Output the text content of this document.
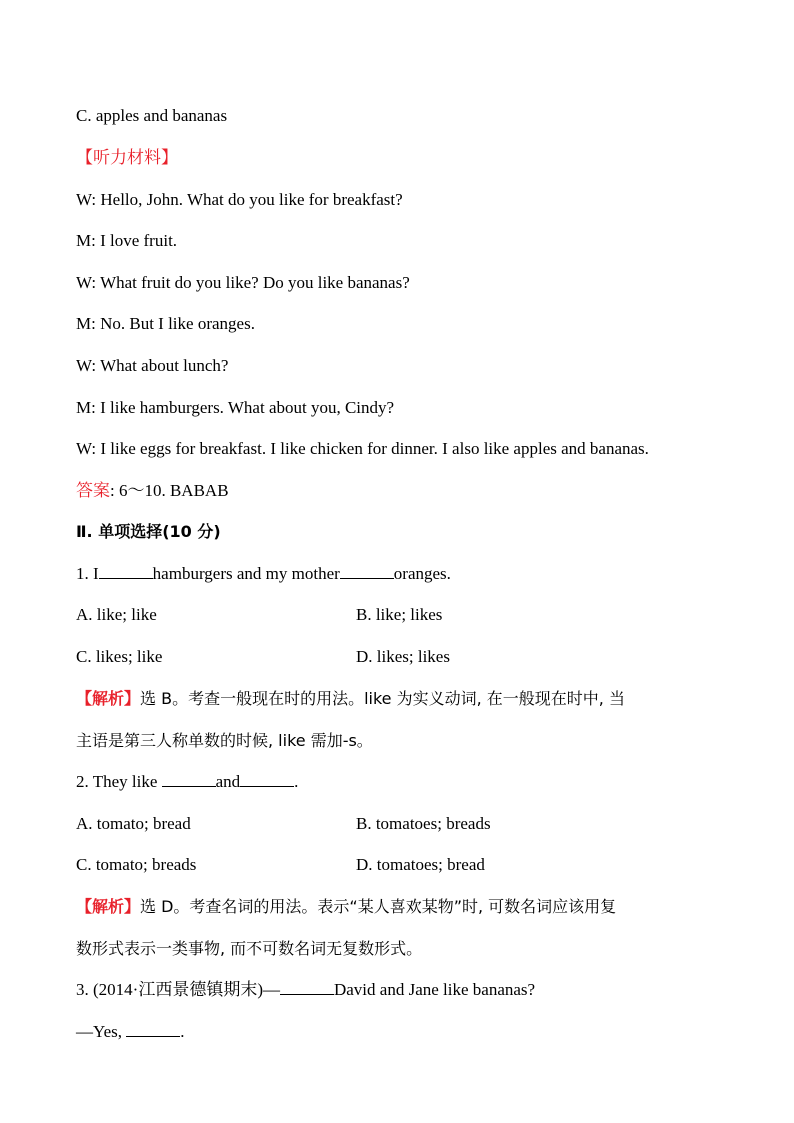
C. apples and bananas
【听力材料】
W: Hello, John. What do you like for breakfast?
M: I love fruit.
W: What fruit do you like? Do you like bananas?
M: No. But I like oranges.
W: What about lunch?
M: I like hamburgers. What about you, Cindy?
W: I like eggs for breakfast. I like chicken for dinner. I also like apples and bananas.
答案: 6～10. BABAB
Ⅱ. 单项选择(10 分)
1. I	hamburgers and my mother	oranges.
A. like; like	B. like; likes
C. likes; like	D. likes; likes
【解析】选 B。考查一般现在时的用法。like 为实义动词, 在一般现在时中, 当
主语是第三人称单数的时候, like 需加-s。
2. They like	and	.
A. tomato; bread	B. tomatoes; breads
C. tomato; breads	D. tomatoes; bread
【解析】选 D。考查名词的用法。表示“某人喜欢某物”时, 可数名词应该用复
数形式表示一类事物, 而不可数名词无复数形式。
3. (2014·江西景德镇期末)—	David and Jane like bananas?
—Yes,	.
